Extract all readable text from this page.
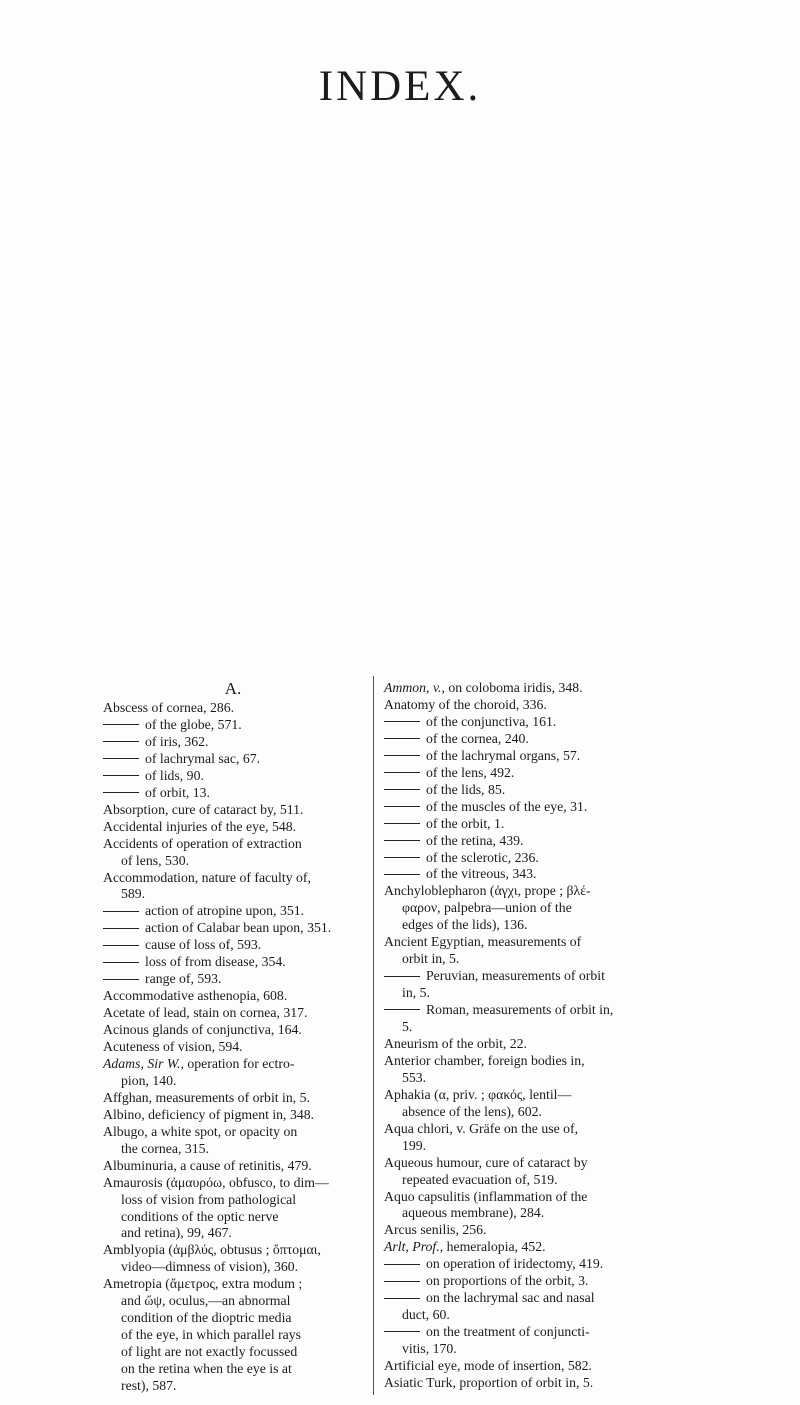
INDEX.
A.
Abscess of cornea, 286.
of the globe, 571.
of iris, 362.
of lachrymal sac, 67.
of lids, 90.
of orbit, 13.
Absorption, cure of cataract by, 511.
Accidental injuries of the eye, 548.
Accidents of operation of extraction
of lens, 530.
Accommodation, nature of faculty of,
589.
action of atropine upon, 351.
action of Calabar bean upon, 351.
cause of loss of, 593.
loss of from disease, 354.
range of, 593.
Accommodative asthenopia, 608.
Acetate of lead, stain on cornea, 317.
Acinous glands of conjunctiva, 164.
Acuteness of vision, 594.
Adams, Sir W., operation for ectro-
pion, 140.
Affghan, measurements of orbit in, 5.
Albino, deficiency of pigment in, 348.
Albugo, a white spot, or opacity on
the cornea, 315.
Albuminuria, a cause of retinitis, 479.
Amaurosis (ἀμαυρόω, obfusco, to dim—
loss of vision from pathological
conditions of the optic nerve
and retina), 99, 467.
Amblyopia (ἀμβλύς, obtusus ; ὄπτομαι,
video—dimness of vision), 360.
Ametropia (ἄμετρος, extra modum ;
and ὤψ, oculus,—an abnormal
condition of the dioptric media
of the eye, in which parallel rays
of light are not exactly focussed
on the retina when the eye is at
rest), 587.
Ammon, v., on coloboma iridis, 348.
Anatomy of the choroid, 336.
of the conjunctiva, 161.
of the cornea, 240.
of the lachrymal organs, 57.
of the lens, 492.
of the lids, 85.
of the muscles of the eye, 31.
of the orbit, 1.
of the retina, 439.
of the sclerotic, 236.
of the vitreous, 343.
Anchyloblepharon (ἀγχι, prope ; βλέ-
φαρον, palpebra—union of the
edges of the lids), 136.
Ancient Egyptian, measurements of
orbit in, 5.
Peruvian, measurements of orbit
in, 5.
Roman, measurements of orbit in,
5.
Aneurism of the orbit, 22.
Anterior chamber, foreign bodies in,
553.
Aphakia (α, priv. ; φακός, lentil—
absence of the lens), 602.
Aqua chlori, v. Gräfe on the use of,
199.
Aqueous humour, cure of cataract by
repeated evacuation of, 519.
Aquo capsulitis (inflammation of the
aqueous membrane), 284.
Arcus senilis, 256.
Arlt, Prof., hemeralopia, 452.
on operation of iridectomy, 419.
on proportions of the orbit, 3.
on the lachrymal sac and nasal
duct, 60.
on the treatment of conjuncti-
vitis, 170.
Artificial eye, mode of insertion, 582.
Asiatic Turk, proportion of orbit in, 5.
